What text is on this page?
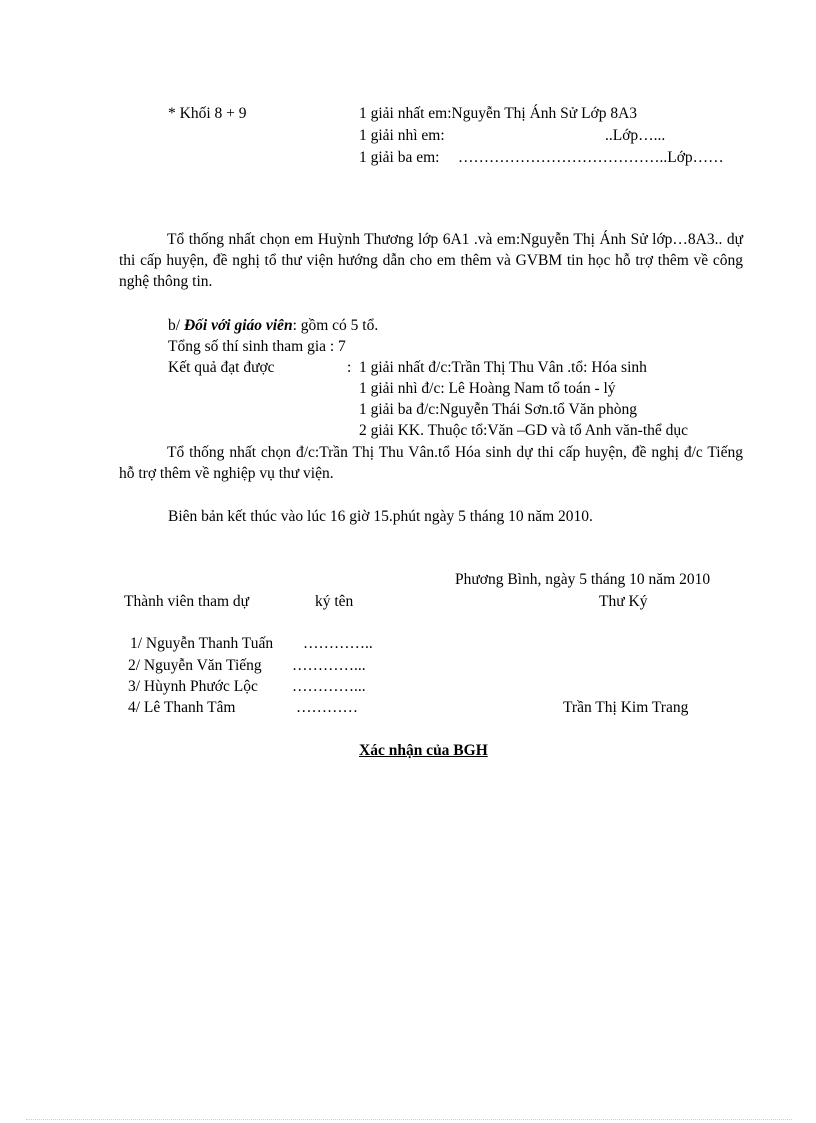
* Khối 8 + 9	1 giải nhất em:Nguyễn Thị Ánh Sử Lớp 8A3
1 giải nhì em:	..Lớp…...
1 giải ba em: …………………………………..Lớp……
Tổ thống nhất chọn em Huỳnh Thương lớp 6A1 .và em:Nguyễn Thị Ánh Sử lớp…8A3.. dự thi cấp huyện, đề nghị tổ thư viện hướng dẫn cho em thêm và GVBM tin học hỗ trợ thêm về công nghệ thông tin.
b/ Đối với giáo viên: gồm có 5 tổ.
Tổng số thí sinh tham gia : 7
Kết quả đạt được	: 1 giải nhất đ/c:Trần Thị Thu Vân .tổ: Hóa sinh
1 giải nhì đ/c: Lê Hoàng Nam tổ toán - lý
1 giải ba đ/c:Nguyễn Thái Sơn.tổ Văn phòng
2 giải KK. Thuộc tổ:Văn –GD và tổ Anh văn-thể dục
Tổ thống nhất chọn đ/c:Trần Thị Thu Vân.tổ Hóa sinh dự thi cấp huyện, đề nghị đ/c Tiếng hỗ trợ thêm về nghiệp vụ thư viện.
Biên bản kết thúc vào lúc 16 giờ 15.phút ngày 5 tháng 10 năm 2010.
Phương Bình, ngày 5 tháng 10 năm 2010
Thành viên tham dự	ký tên	Thư Ký
1/ Nguyễn Thanh Tuấn …………..
2/ Nguyễn Văn Tiếng …………...
3/ Hùynh Phước Lộc …………...
4/ Lê Thanh Tâm	…………	Trần Thị Kim Trang
Xác nhận của BGH
